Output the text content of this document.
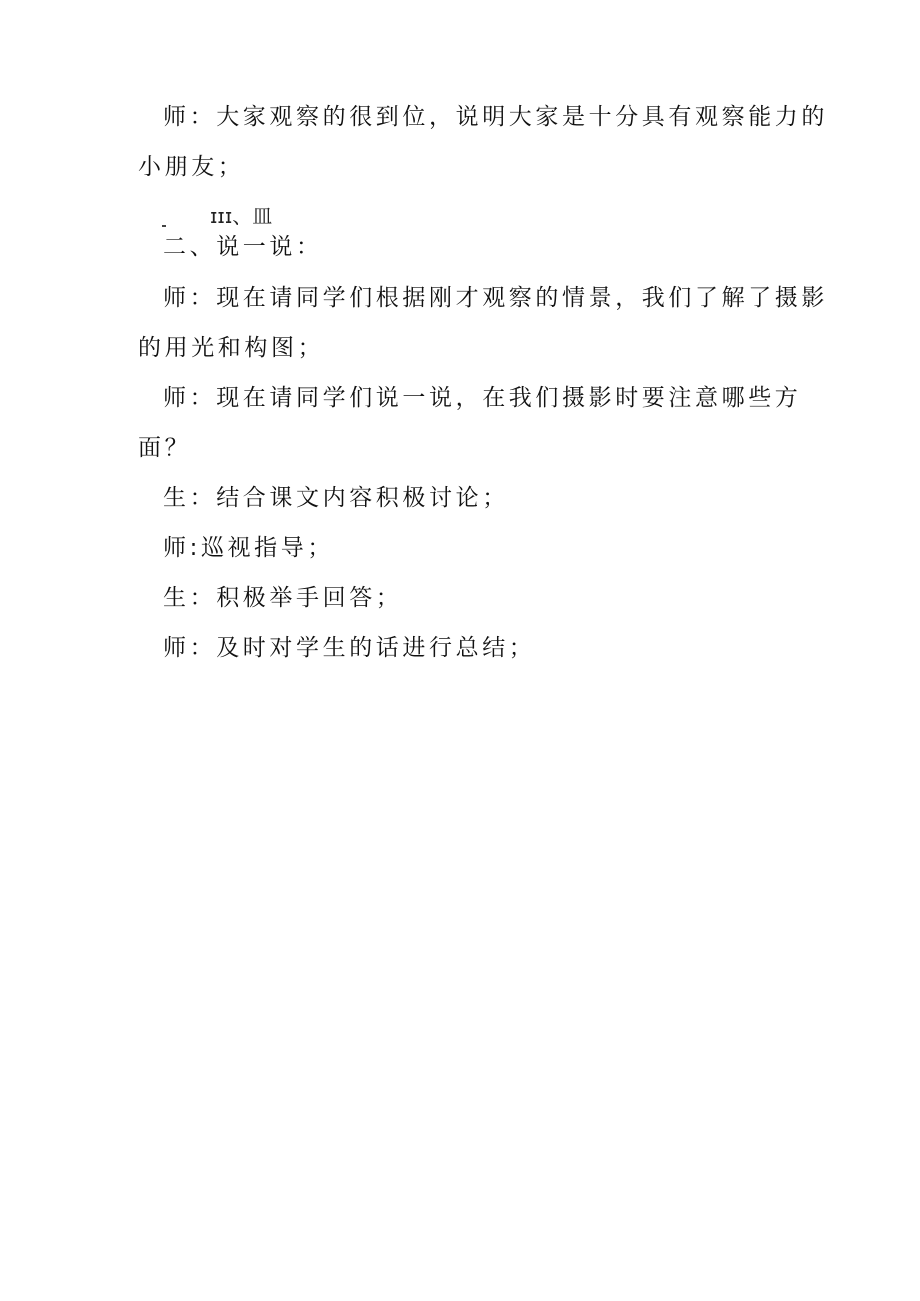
师：大家观察的很到位，说明大家是十分具有观察能力的
小朋友；
ɪɪɪ、皿
二、说一说：
师：现在请同学们根据刚才观察的情景，我们了解了摄影
的用光和构图；
师：现在请同学们说一说，在我们摄影时要注意哪些方
面？
生：结合课文内容积极讨论；
师:巡视指导；
生：积极举手回答；
师：及时对学生的话进行总结；
